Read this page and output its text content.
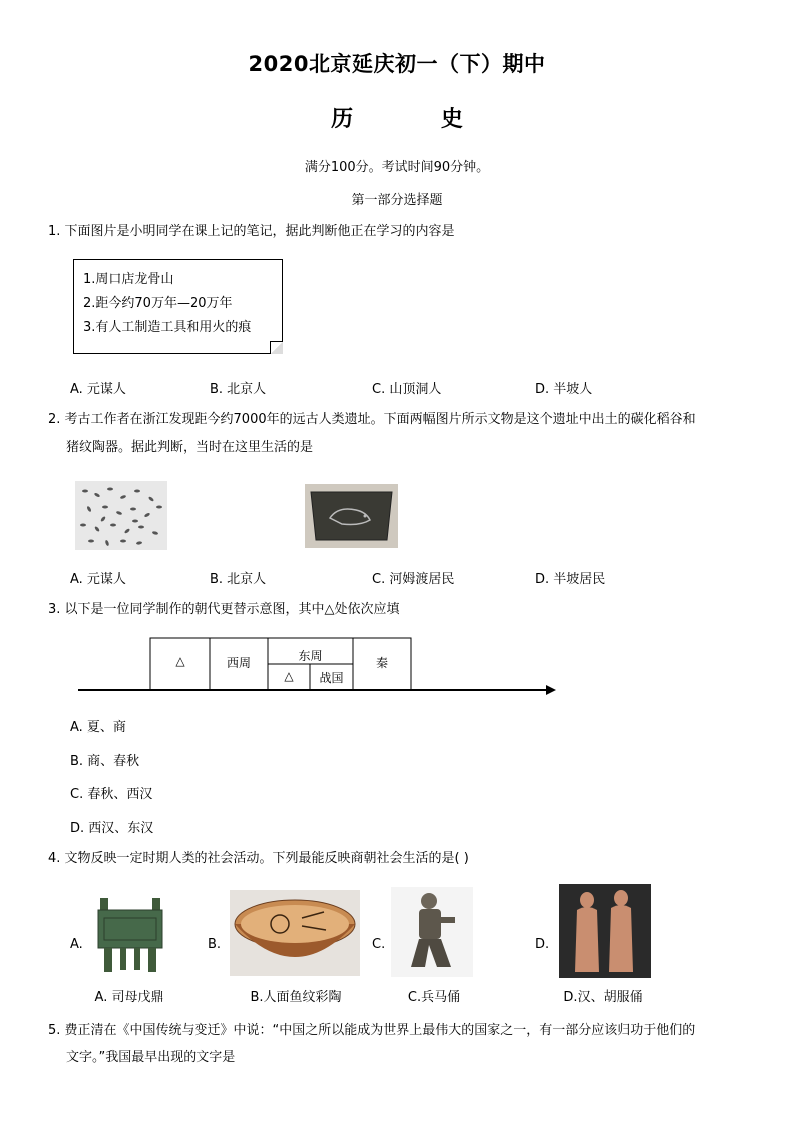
2020北京延庆初一（下）期中
历 史
满分100分。考试时间90分钟。
第一部分选择题
1. 下面图片是小明同学在课上记的笔记，据此判断他正在学习的内容是
1.周口店龙骨山
2.距今约70万年—20万年
3.有人工制造工具和用火的痕
A. 元谋人	B. 北京人	C. 山顶洞人	D. 半坡人
2. 考古工作者在浙江发现距今约7000年的远古人类遗址。下面两幅图片所示文物是这个遗址中出土的碳化稻谷和
猪纹陶器。据此判断，当时在这里生活的是
A. 元谋人	B. 北京人	C. 河姆渡居民	D. 半坡居民
3. 以下是一位同学制作的朝代更替示意图，其中△处依次应填
△	西周	东周
△	战国
秦
A. 夏、商
B. 商、春秋
C. 春秋、西汉
D. 西汉、东汉
4. 文物反映一定时期人类的社会活动。下列最能反映商朝社会生活的是( )
A.	B.	C.	D.
A. 司母戊鼎	B.人面鱼纹彩陶	C.兵马俑	D.汉、胡服俑
5. 费正清在《中国传统与变迁》中说：“中国之所以能成为世界上最伟大的国家之一，有一部分应该归功于他们的
文字。”我国最早出现的文字是
